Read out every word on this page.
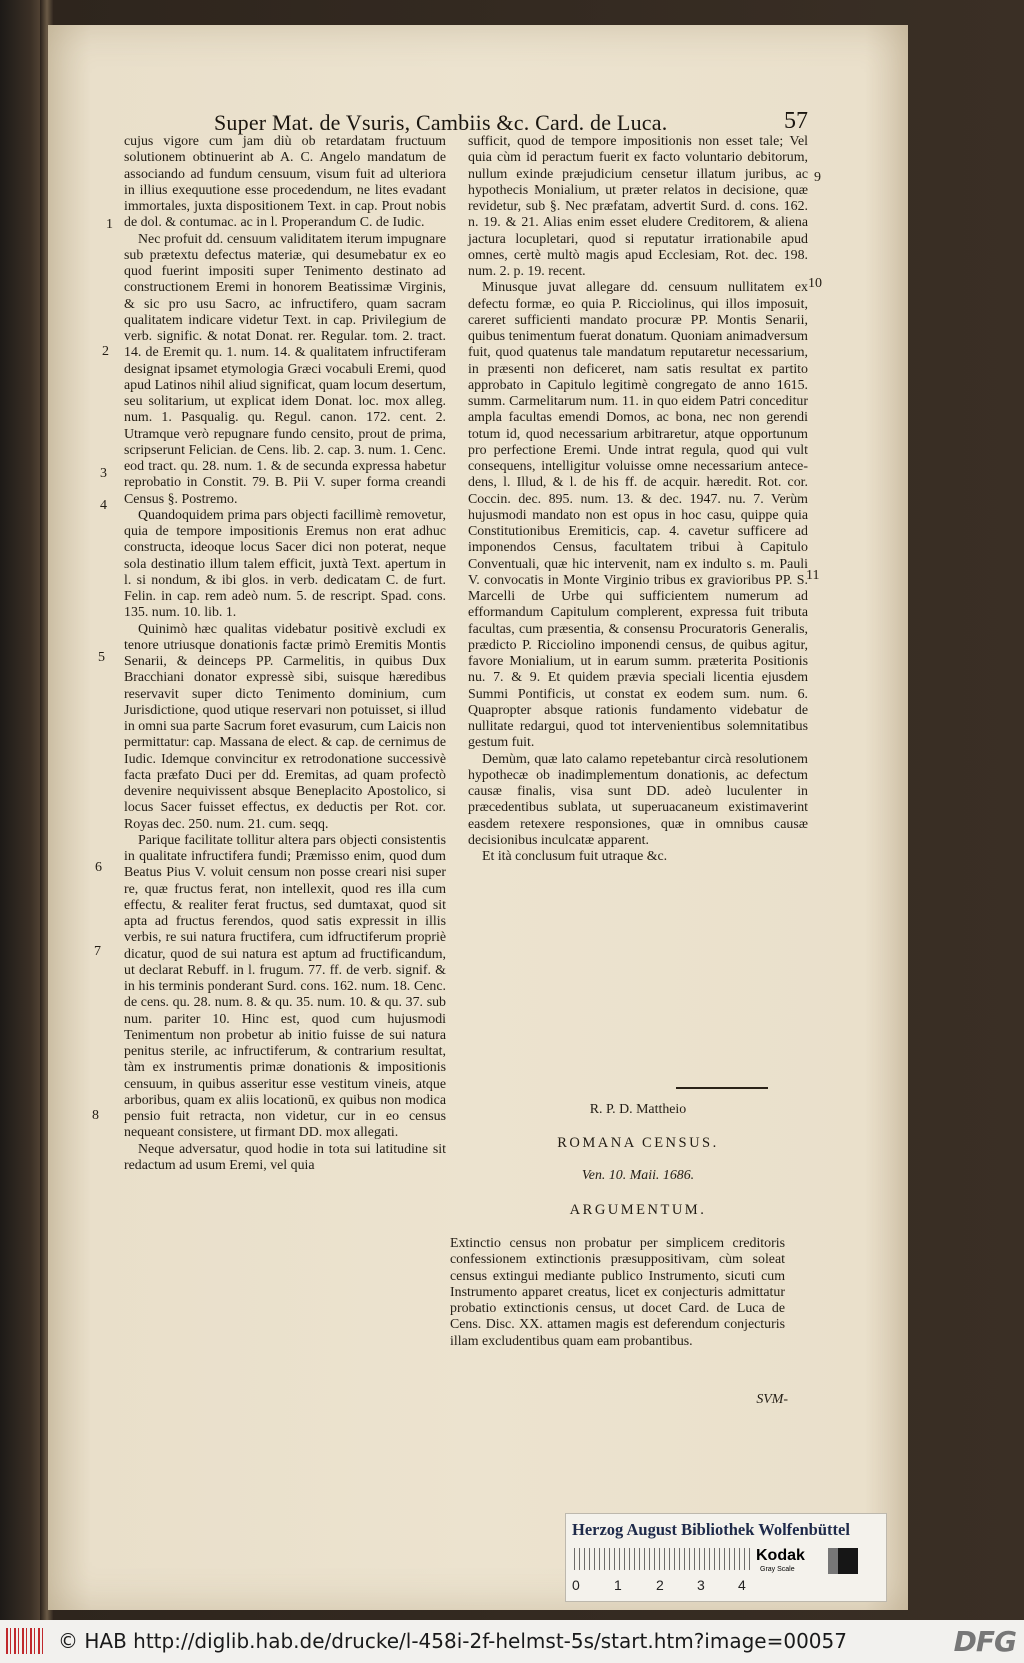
Super Mat. de Vsuris, Cambiis &c. Card. de Luca.	57

cujus vigore cum jam diù ob retardatam fructuum solutionem obtinuerint ab A. C. Angelo mandatum de associando ad fundum censuum, visum fuit ad ulteriora in illius exequutione esse procedendum, ne lites evadant immortales, juxta dispositionem Text. in cap. Prout nobis de dol. & contumac. ac in l. Properandum C. de Iudic.

Nec profuit dd. censuum validitatem iterum impugnare sub prætextu defectus materiæ, qui desumebatur ex eo quod fuerint impositi super Tenimento destinato ad constructionem Eremi in honorem Beatissimæ Virginis, & sic pro usu Sacro, ac infructifero, quam sacram qualitatem indicare videtur Text. in cap. Privilegium de verb. signific. & notat Donat. rer. Regular. tom. 2. tract. 14. de Eremit qu. 1. num. 14. & qualitatem infructiferam designat ipsamet etymologia Græci vocabuli Eremi, quod apud Latinos nihil aliud significat, quam locum desertum, seu solitarium, ut explicat idem Donat. loc. mox alleg. num. 1. Pasqualig. qu. Regul. canon. 172. cent. 2. Utramque verò repugnare fundo censito, prout de prima, scripserunt Felician. de Cens. lib. 2. cap. 3. num. 1. Cenc. eod tract. qu. 28. num. 1. & de secunda expressa habetur reprobatio in Constit. 79. B. Pii V. super forma creandi Census §. Postremo.

Quandoquidem prima pars objecti facillimè removetur, quia de tempore impositionis Eremus non erat adhuc constructa, ideoque locus Sacer dici non poterat, neque sola destinatio illum talem efficit, juxtà Text. apertum in l. si nondum, & ibi glos. in verb. dedicatam C. de furt. Felin. in cap. rem adeò num. 5. de rescript. Spad. cons. 135. num. 10. lib. 1.

Quinimò hæc qualitas videbatur positivè excludi ex tenore utriusque donationis factæ primò Eremitis Montis Senarii, & deinceps PP. Carmelitis, in quibus Dux Bracchiani donator expressè sibi, suisque hæredibus reservavit super dicto Tenimento dominium, cum Jurisdictione, quod utique reservari non potuisset, si illud in omni sua parte Sacrum foret evasurum, cum Laicis non permittatur: cap. Massana de elect. & cap. de cernimus de Iudic. Idemque convincitur ex retrodonatione successivè facta præfato Duci per dd. Eremitas, ad quam profectò devenire nequivissent absque Beneplacito Apostolico, si locus Sacer fuisset effectus, ex deductis per Rot. cor. Royas dec. 250. num. 21. cum. seqq.

Parique facilitate tollitur altera pars objecti consistentis in qualitate infructifera fundi; Præmisso enim, quod dum Beatus Pius V. voluit censum non posse creari nisi super re, quæ fructus ferat, non intellexit, quod res illa cum effectu, & realiter ferat fructus, sed dumtaxat, quod sit apta ad fructus ferendos, quod satis expressit in illis verbis, re sui natura fructifera, cum idfructiferum propriè dicatur, quod de sui natura est aptum ad fructificandum, ut declarat Rebuff. in l. frugum. 77. ff. de verb. signif. & in his terminis ponderant Surd. cons. 162. num. 18. Cenc. de cens. qu. 28. num. 8. & qu. 35. num. 10. & qu. 37. sub num. pariter 10. Hinc est, quod cum hujusmodi Tenimentum non probetur ab initio fuisse de sui natura penitus sterile, ac infructiferum, & contrarium resultat, tàm ex instrumentis primæ donationis & impositionis censuum, in quibus asseritur esse vestitum vineis, atque arboribus, quam ex aliis locationū, ex quibus non modica pensio fuit retracta, non videtur, cur in eo census nequeant consistere, ut firmant DD. mox allegati.

Neque adversatur, quod hodie in tota sui latitudine sit redactum ad usum Eremi, vel quia

1
2
3
4
5
6
7
8

sufficit, quod de tempore impositionis non esset tale; Vel quia cùm id peractum fuerit ex facto voluntario debitorum, nullum exinde præjudicium censetur illatum juribus, ac hypothecis Monialium, ut præter relatos in decisione, quæ revidetur, sub §. Nec præfatam, advertit Surd. d. cons. 162. n. 19. & 21. Alias enim esset eludere Creditorem, & aliena jactura locupletari, quod si reputatur irrationabile apud omnes, certè multò magis apud Ecclesiam, Rot. dec. 198. num. 2. p. 19. recent.

Minusque juvat allegare dd. censuum nullitatem ex defectu formæ, eo quia P. Ricciolinus, qui illos imposuit, careret sufficienti mandato procuræ PP. Montis Senarii, quibus tenimentum fuerat donatum. Quoniam animadversum fuit, quod quatenus tale mandatum reputaretur necessarium, in præsenti non deficeret, nam satis resultat ex partito approbato in Capitulo legitimè congregato de anno 1615. summ. Carmelitarum num. 11. in quo eidem Patri conceditur ampla facultas emendi Domos, ac bona, nec non gerendi totum id, quod necessarium arbitraretur, atque opportunum pro perfectione Eremi. Unde intrat regula, quod qui vult consequens, intelligitur voluisse omne necessarium antecedens, l. Illud, & l. de his ff. de acquir. hæredit. Rot. cor. Coccin. dec. 895. num. 13. & dec. 1947. nu. 7. Verùm hujusmodi mandato non est opus in hoc casu, quippe quia Constitutionibus Eremiticis, cap. 4. cavetur sufficere ad imponendos Census, facultatem tribui à Capitulo Conventuali, quæ hic intervenit, nam ex indulto s. m. Pauli V. convocatis in Monte Virginio tribus ex gravioribus PP. S. Marcelli de Urbe qui sufficientem numerum ad efformandum Capitulum complerent, expressa fuit tributa facultas, cum præsentia, & consensu Procuratoris Generalis, prædicto P. Ricciolino imponendi census, de quibus agitur, favore Monialium, ut in earum summ. præterita Positionis nu. 7. & 9. Et quidem prævia speciali licentia ejusdem Summi Pontificis, ut constat ex eodem sum. num. 6. Quapropter absque rationis fundamento videbatur de nullitate redargui, quod tot intervenientibus solemnitatibus gestum fuit.

Demùm, quæ lato calamo repetebantur circà resolutionem hypothecæ ob inadimplementum donationis, ac defectum causæ finalis, visa sunt DD. adeò luculenter in præcedentibus sublata, ut superuacaneum existimaverint easdem retexere responsiones, quæ in omnibus causæ decisionibus inculcatæ apparent.

Et ità conclusum fuit utraque &c.

9
10
11
R. P. D. Mattheio
ROMANA CENSUS.
Ven. 10. Maii. 1686.
ARGUMENTUM.
Extinctio census non probatur per simplicem creditoris confessionem extinctionis præsuppositivam, cùm soleat census extingui mediante publico Instrumento, sicuti cum Instrumento apparet creatus, licet ex conjecturis admittatur probatio extinctionis census, ut docet Card. de Luca de Cens. Disc. XX. attamen magis est deferendum conjecturis illam excludentibus quam eam probantibus.
SVM-
Herzog August Bibliothek Wolfenbüttel
0 1 2 3 4
Kodak
Gray Scale
© HAB http://diglib.hab.de/drucke/l-458i-2f-helmst-5s/start.htm?image=00057	DFG
